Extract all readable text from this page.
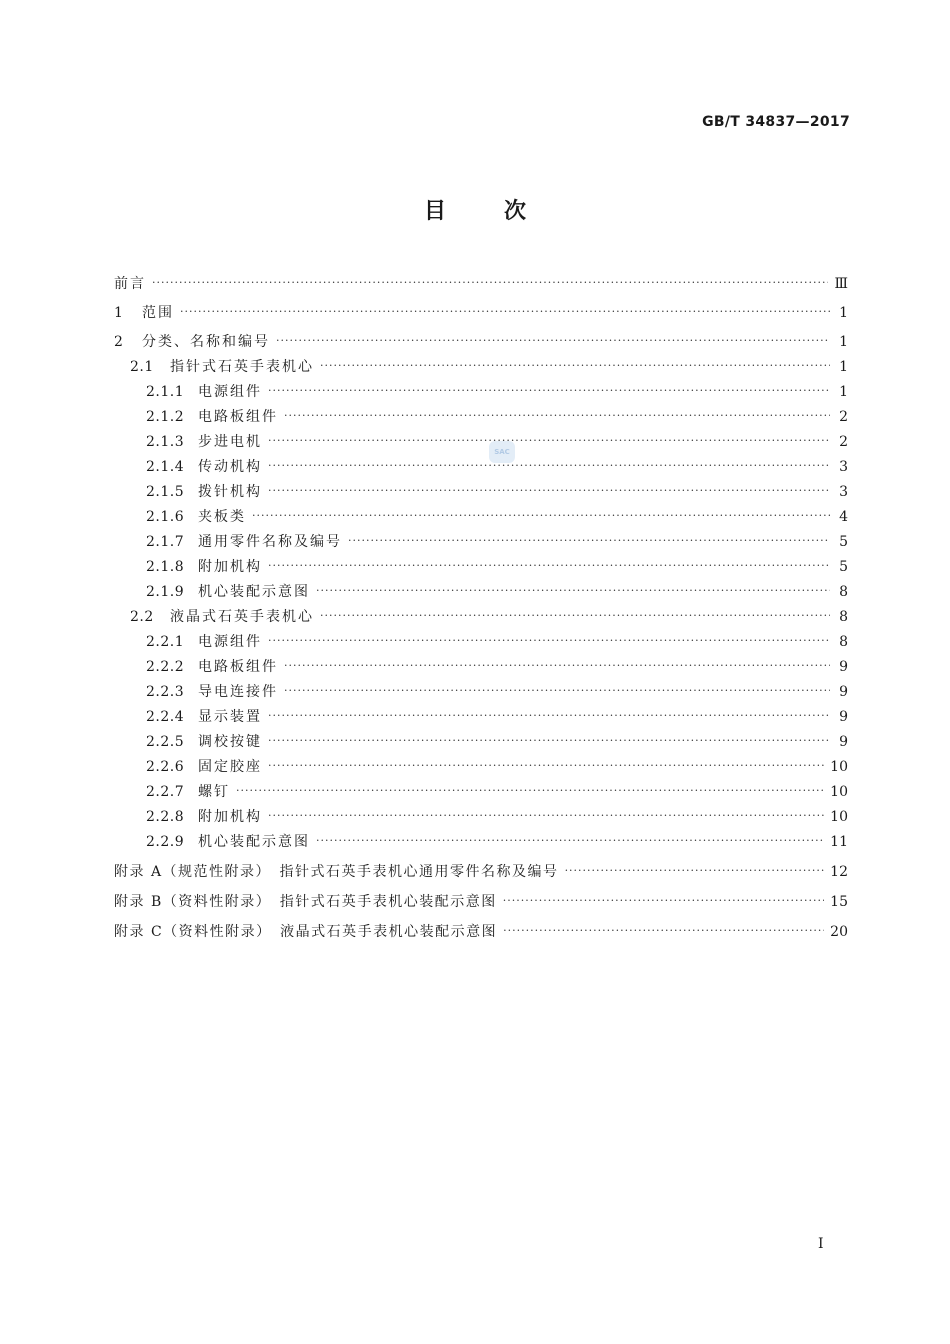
GB/T 34837—2017
目	次
SAC
前言 ·····	Ⅲ
1	范围 ·····	1
2	分类、名称和编号 ·····	1
2.1	指针式石英手表机心 ·····	1
2.1.1 电源组件 ·····	1
2.1.2 电路板组件 ·····	2
2.1.3 步进电机 ·····	2
2.1.4 传动机构 ·····	3
2.1.5 拨针机构 ·····	3
2.1.6 夹板类 ·····	4
2.1.7 通用零件名称及编号 ·····	5
2.1.8 附加机构 ·····	5
2.1.9 机心装配示意图 ·····	8
2.2	液晶式石英手表机心 ·····	8
2.2.1 电源组件 ·····	8
2.2.2 电路板组件 ·····	9
2.2.3 导电连接件 ·····	9
2.2.4 显示装置 ·····	9
2.2.5 调校按键 ·····	9
2.2.6 固定胶座 ·····	10
2.2.7 螺钉 ·····	10
2.2.8 附加机构 ·····	10
2.2.9 机心装配示意图 ·····	11
附录 A（规范性附录）　指针式石英手表机心通用零件名称及编号 ·····	12
附录 B（资料性附录）　指针式石英手表机心装配示意图 ·····	15
附录 C（资料性附录）　液晶式石英手表机心装配示意图 ·····	20
I
